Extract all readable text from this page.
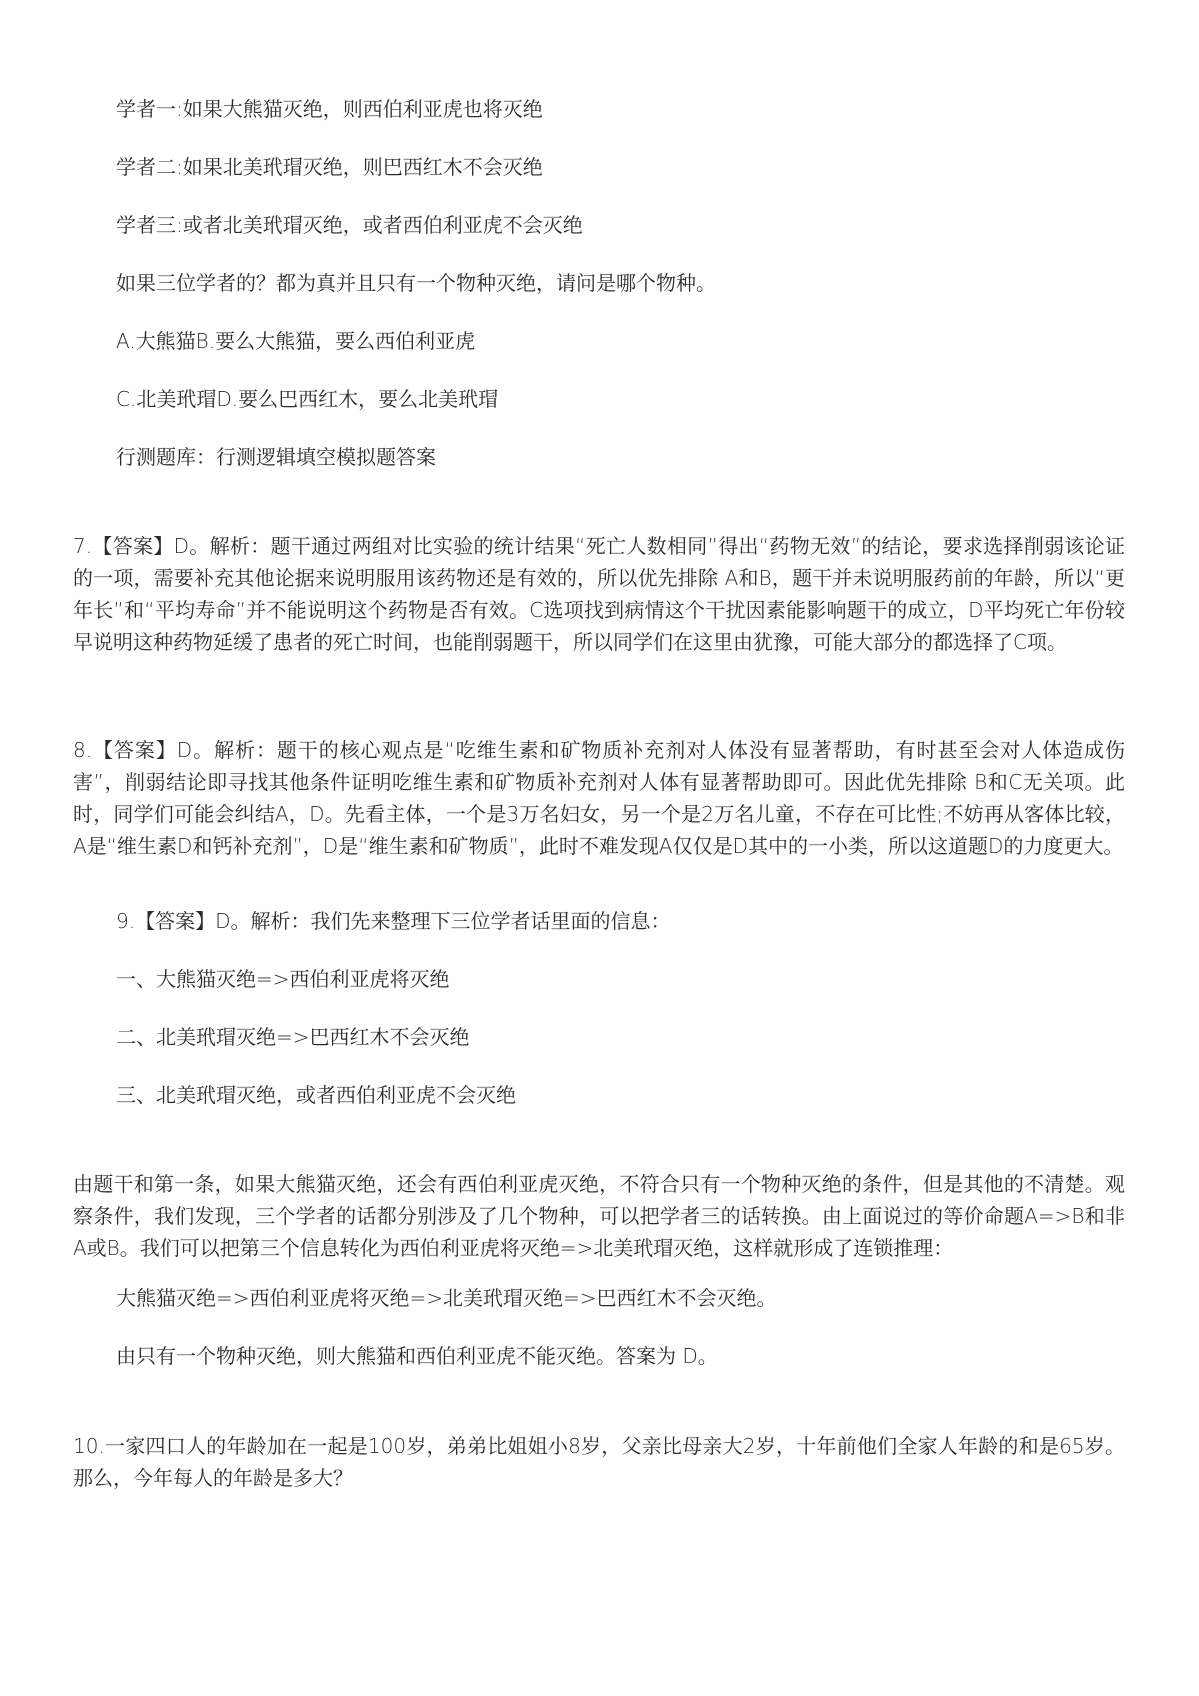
学者一:如果大熊猫灭绝，则西伯利亚虎也将灭绝
学者二:如果北美玳瑁灭绝，则巴西红木不会灭绝
学者三:或者北美玳瑁灭绝，或者西伯利亚虎不会灭绝
如果三位学者的？都为真并且只有一个物种灭绝，请问是哪个物种。
A.大熊猫B.要么大熊猫，要么西伯利亚虎
C.北美玳瑁D.要么巴西红木，要么北美玳瑁
行测题库：行测逻辑填空模拟题答案

7.【答案】D。解析：题干通过两组对比实验的统计结果“死亡人数相同”得出“药物无效”的结论，要求选择削弱该论证的一项，需要补充其他论据来说明服用该药物还是有效的，所以优先排除 A和B，题干并未说明服药前的年龄，所以“更年长”和“平均寿命”并不能说明这个药物是否有效。C选项找到病情这个干扰因素能影响题干的成立，D平均死亡年份较早说明这种药物延缓了患者的死亡时间，也能削弱题干，所以同学们在这里由犹豫，可能大部分的都选择了C项。

8.【答案】D。解析：题干的核心观点是“吃维生素和矿物质补充剂对人体没有显著帮助，有时甚至会对人体造成伤害”，削弱结论即寻找其他条件证明吃维生素和矿物质补充剂对人体有显著帮助即可。因此优先排除 B和C无关项。此时，同学们可能会纠结A，D。先看主体，一个是3万名妇女，另一个是2万名儿童，不存在可比性;不妨再从客体比较，A是“维生素D和钙补充剂”，D是“维生素和矿物质”，此时不难发现A仅仅是D其中的一小类，所以这道题D的力度更大。

9.【答案】D。解析：我们先来整理下三位学者话里面的信息：
一、大熊猫灭绝=>西伯利亚虎将灭绝
二、北美玳瑁灭绝=>巴西红木不会灭绝
三、北美玳瑁灭绝，或者西伯利亚虎不会灭绝

由题干和第一条，如果大熊猫灭绝，还会有西伯利亚虎灭绝，不符合只有一个物种灭绝的条件，但是其他的不清楚。观察条件，我们发现，三个学者的话都分别涉及了几个物种，可以把学者三的话转换。由上面说过的等价命题A=>B和非A或B。我们可以把第三个信息转化为西伯利亚虎将灭绝=>北美玳瑁灭绝，这样就形成了连锁推理：

大熊猫灭绝=>西伯利亚虎将灭绝=>北美玳瑁灭绝=>巴西红木不会灭绝。
由只有一个物种灭绝，则大熊猫和西伯利亚虎不能灭绝。答案为 D。

10.一家四口人的年龄加在一起是100岁，弟弟比姐姐小8岁，父亲比母亲大2岁，十年前他们全家人年龄的和是65岁。那么，今年每人的年龄是多大？
